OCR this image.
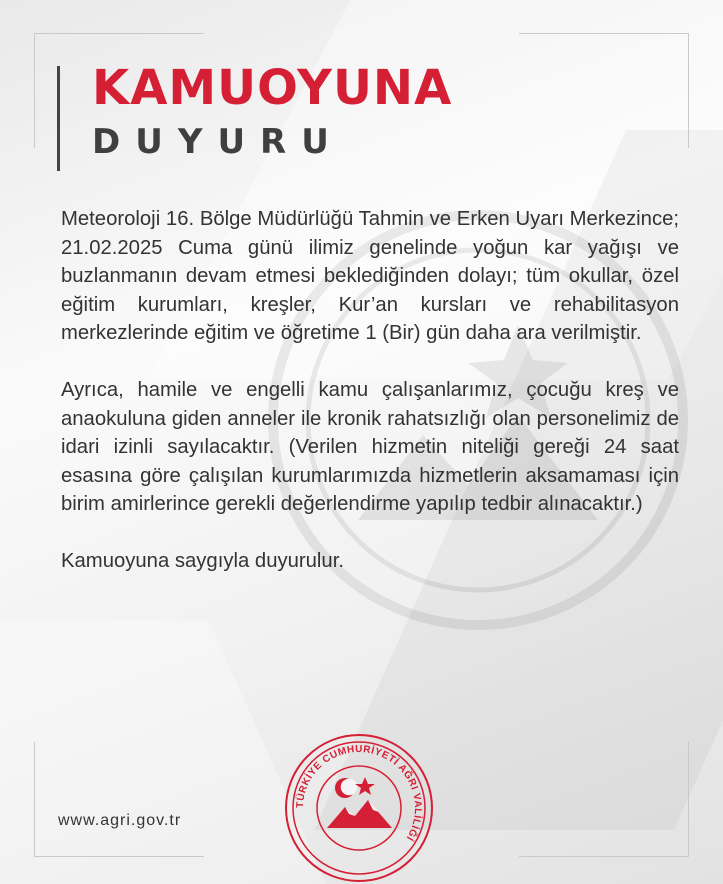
KAMUOYUNA
DUYURU

Meteoroloji 16. Bölge Müdürlüğü Tahmin ve Erken Uyarı Merkezince; 21.02.2025 Cuma günü ilimiz genelinde yoğun kar yağışı ve buzlanmanın devam etmesi beklediğinden dolayı; tüm okullar, özel eğitim kurumları, kreşler, Kur’an kursları ve rehabilitasyon merkezlerinde eğitim ve öğretime 1 (Bir) gün daha ara verilmiştir.

Ayrıca, hamile ve engelli kamu çalışanlarımız, çocuğu kreş ve anaokuluna giden anneler ile kronik rahatsızlığı olan personelimiz de idari izinli sayılacaktır. (Verilen hizmetin niteliği gereği 24 saat esasına göre çalışılan kurumlarımızda hizmetlerin aksamaması için birim amirlerince gerekli değerlendirme yapılıp tedbir alınacaktır.)

Kamuoyuna saygıyla duyurulur.

www.agri.gov.tr
TÜRKİYE CUMHURİYETİ AĞRI VALİLİĞİ
